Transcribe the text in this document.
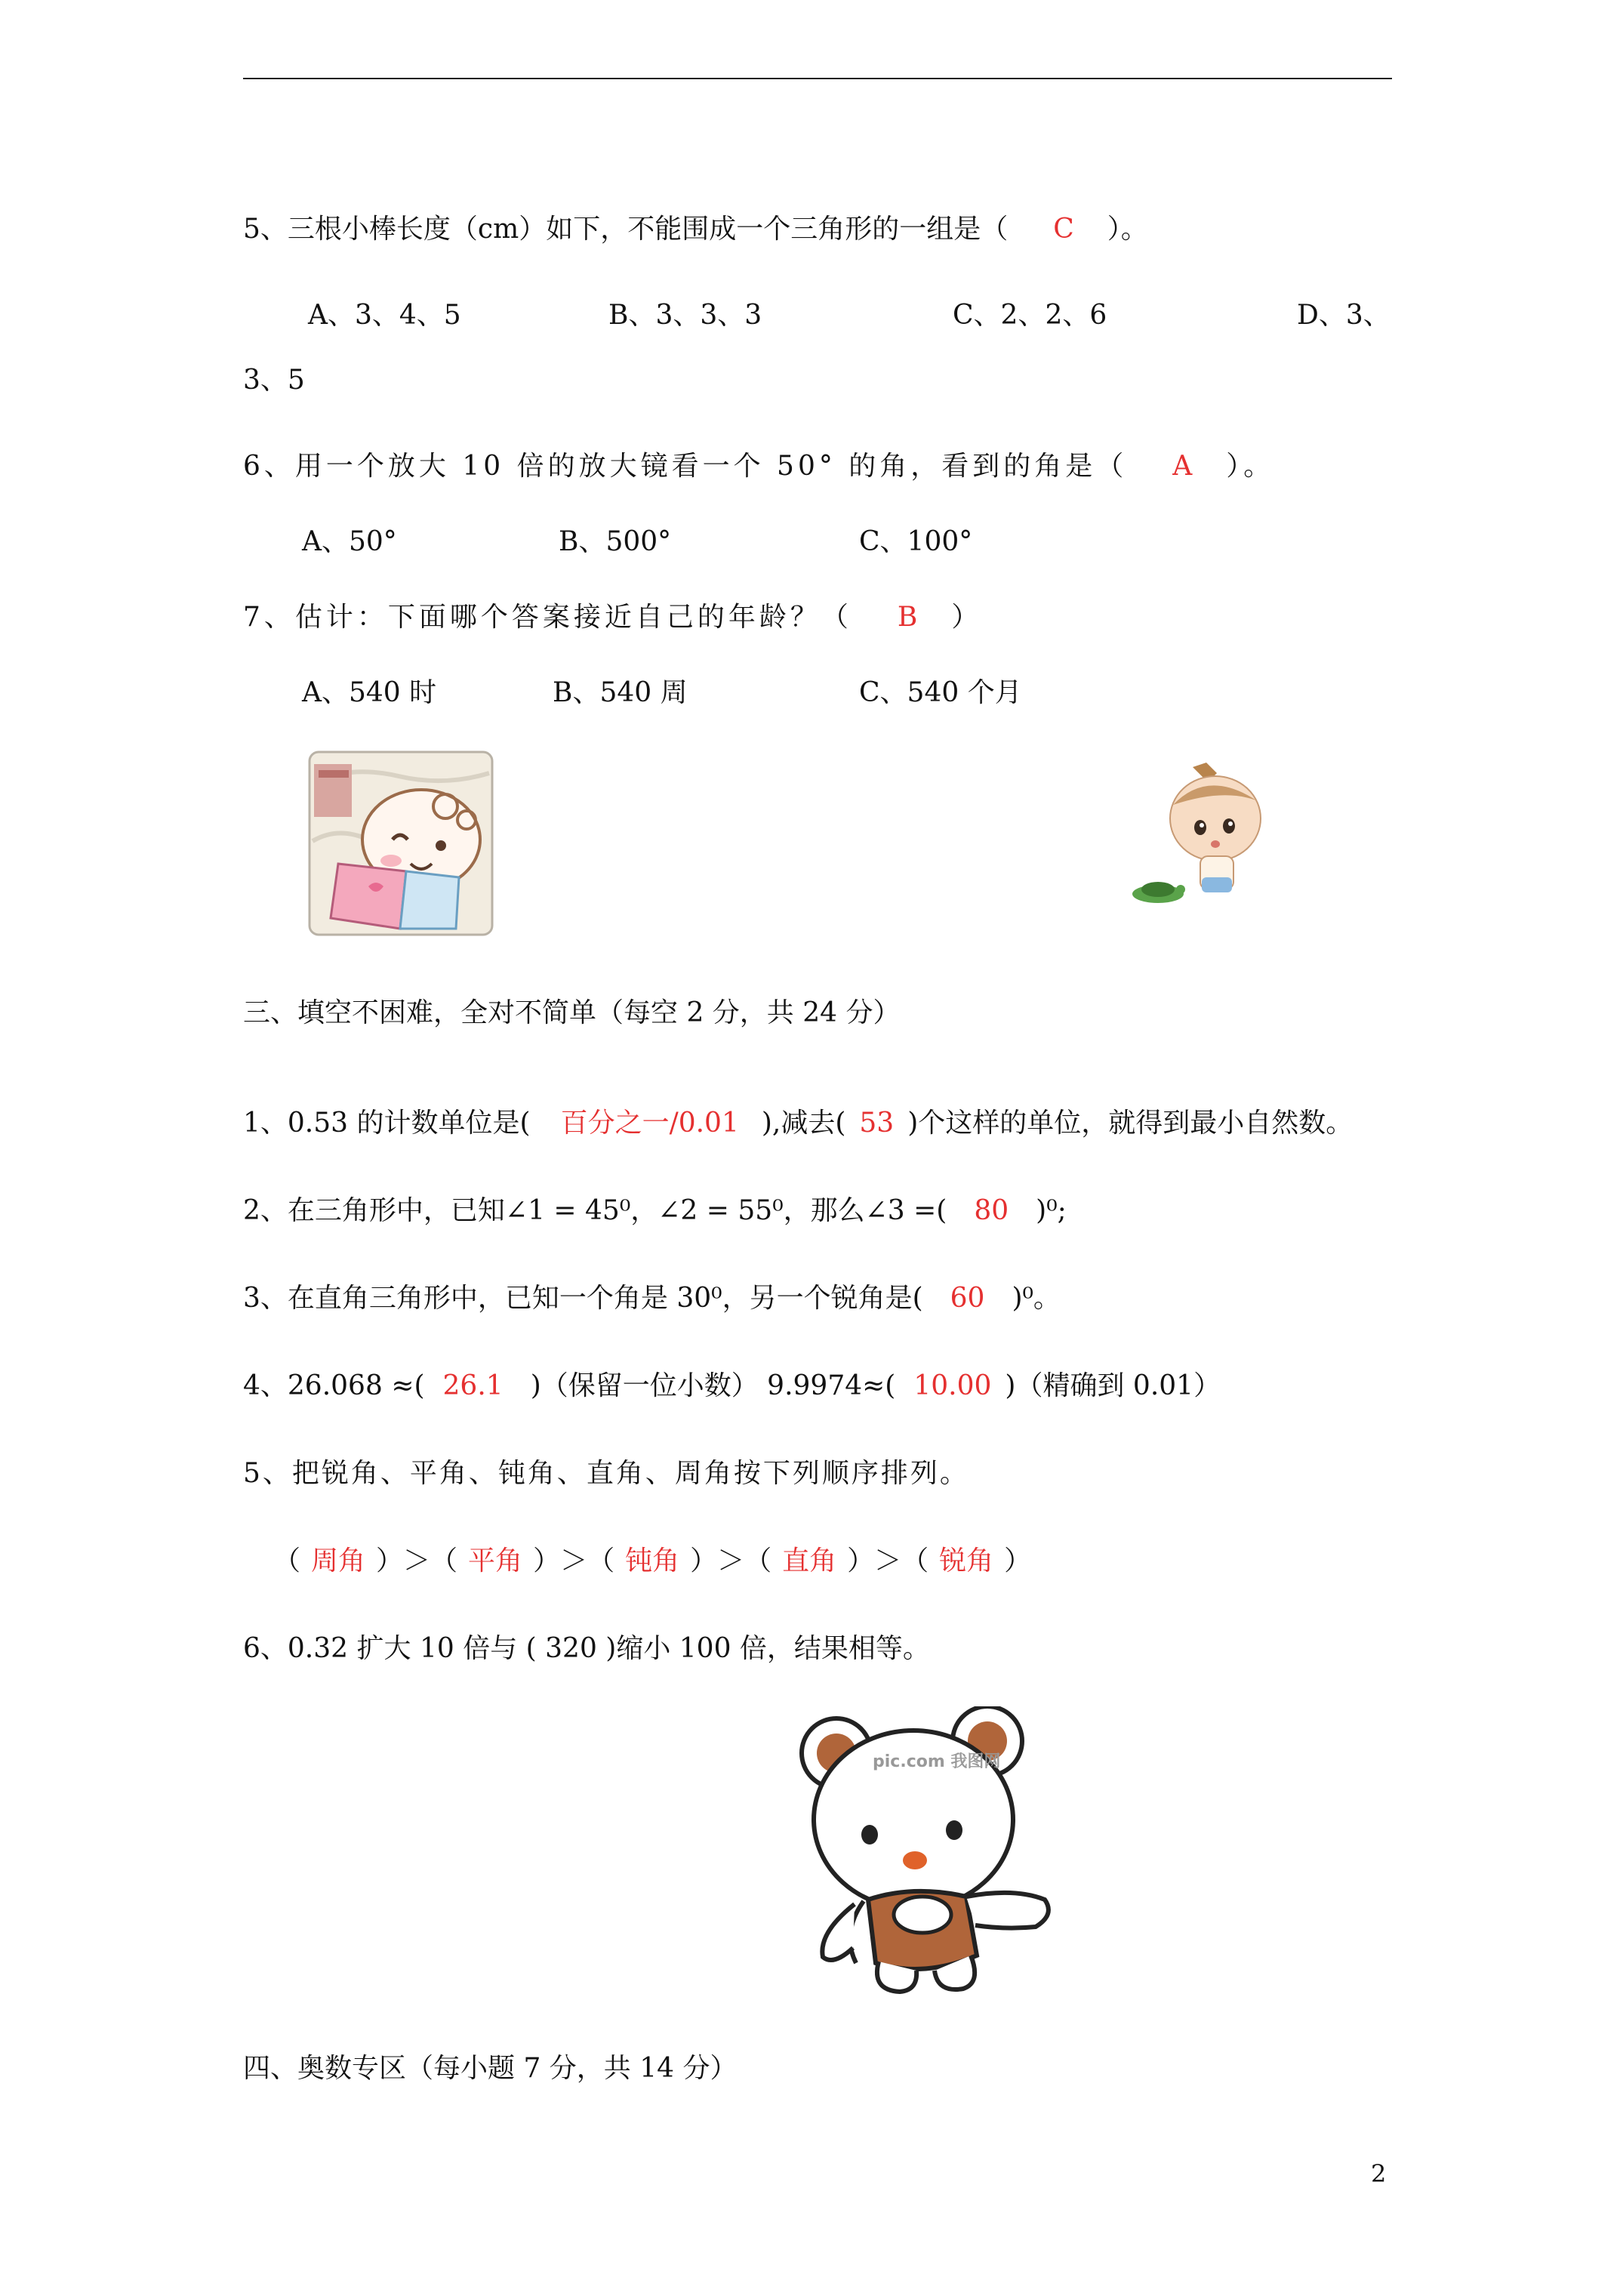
5、三根小棒长度（cm）如下，不能围成一个三角形的一组是（ C ）。
A、3、4、5	B、3、3、3	C、2、2、6	D、3、
3、5
6、用一个放大 10 倍的放大镜看一个 50° 的角，看到的角是（ A ）。
A、50°	B、500°	C、100°
7、估计：下面哪个答案接近自己的年龄？（ B ）
A、540 时	B、540 周	C、540 个月
三、填空不困难，全对不简单（每空 2 分，共 24 分）
1、0.53 的计数单位是( 百分之一/0.01 ),减去( 53 )个这样的单位，就得到最小自然数。
2、在三角形中，已知∠1 = 45⁰，∠2 = 55⁰，那么∠3 =( 80 )⁰;
3、在直角三角形中，已知一个角是 30⁰，另一个锐角是( 60 )⁰。
4、26.068 ≈( 26.1 )（保留一位小数） 9.9974≈( 10.00 )（精确到 0.01）
5、把锐角、平角、钝角、直角、周角按下列顺序排列。
（ 周角 ）＞（ 平角 ）＞（ 钝角 ）＞（ 直角 ）＞（ 锐角 ）
6、0.32 扩大 10 倍与 ( 320 )缩小 100 倍，结果相等。
pic.com 我图网
四、奥数专区（每小题 7 分，共 14 分）
2
